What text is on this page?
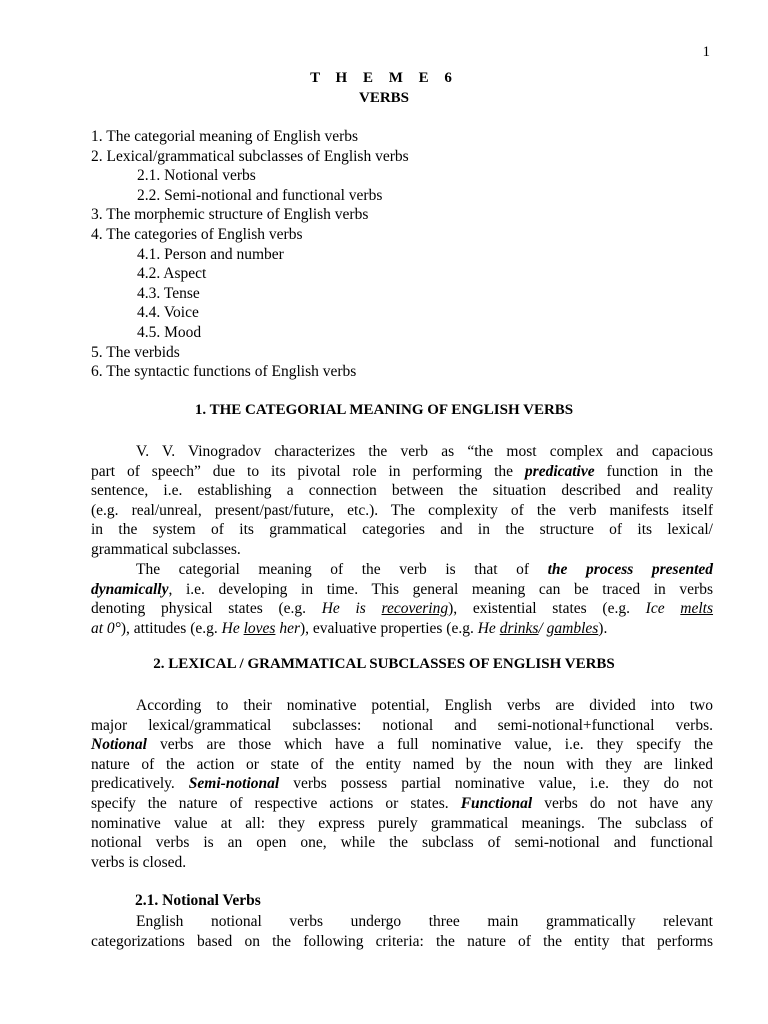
1
T H E M E 6
VERBS
1. The categorial meaning of English verbs
2. Lexical/grammatical subclasses of English verbs
2.1. Notional verbs
2.2. Semi-notional and functional verbs
3. The morphemic structure of English verbs
4. The categories of English verbs
4.1. Person and number
4.2. Aspect
4.3. Tense
4.4. Voice
4.5. Mood
5. The verbids
6. The syntactic functions of English verbs
1. THE CATEGORIAL MEANING OF ENGLISH VERBS
V. V. Vinogradov characterizes the verb as “the most complex and capacious
part of speech” due to its pivotal role in performing the predicative function in the
sentence, i.e. establishing a connection between the situation described and reality
(e.g. real/unreal, present/past/future, etc.). The complexity of the verb manifests itself
in the system of its grammatical categories and in the structure of its lexical/
grammatical subclasses.
The categorial meaning of the verb is that of the process presented
dynamically, i.e. developing in time. This general meaning can be traced in verbs
denoting physical states (e.g. He is recovering), existential states (e.g. Ice melts
at 0°), attitudes (e.g. He loves her), evaluative properties (e.g. He drinks/ gambles).
2. LEXICAL / GRAMMATICAL SUBCLASSES OF ENGLISH VERBS
According to their nominative potential, English verbs are divided into two
major lexical/grammatical subclasses: notional and semi-notional+functional verbs.
Notional verbs are those which have a full nominative value, i.e. they specify the
nature of the action or state of the entity named by the noun with they are linked
predicatively. Semi-notional verbs possess partial nominative value, i.e. they do not
specify the nature of respective actions or states. Functional verbs do not have any
nominative value at all: they express purely grammatical meanings. The subclass of
notional verbs is an open one, while the subclass of semi-notional and functional
verbs is closed.
2.1. Notional Verbs
English notional verbs undergo three main grammatically relevant
categorizations based on the following criteria: the nature of the entity that performs
